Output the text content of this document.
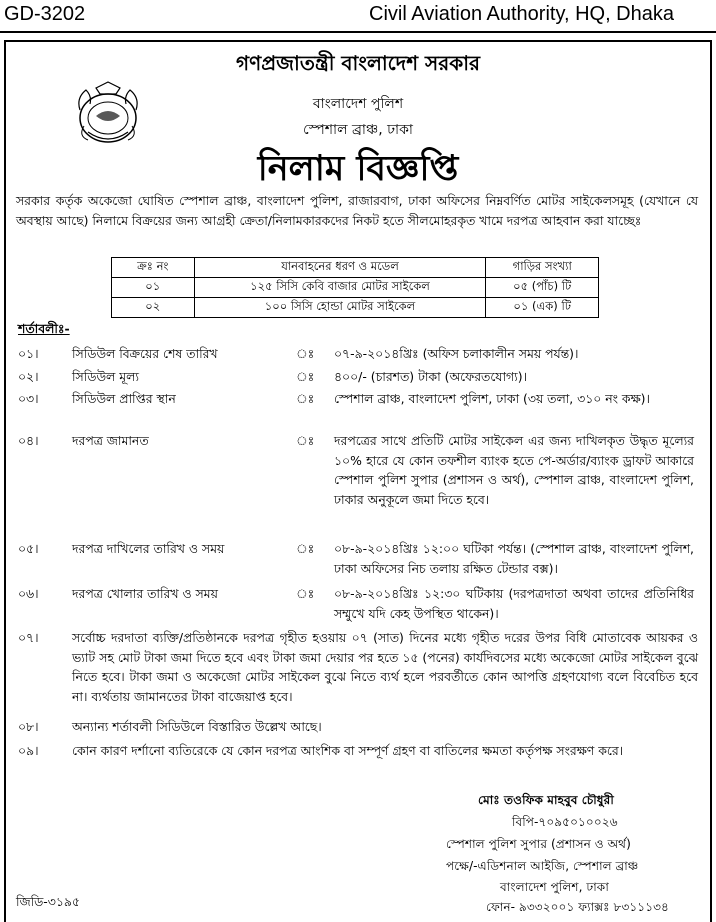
GD-3202	Civil Aviation Authority, HQ, Dhaka
গণপ্রজাতন্ত্রী বাংলাদেশ সরকার
বাংলাদেশ পুলিশ
স্পেশাল ব্রাঞ্চ, ঢাকা
নিলাম বিজ্ঞপ্তি
সরকার কর্তৃক অকেজো ঘোষিত স্পেশাল ব্রাঞ্চ, বাংলাদেশ পুলিশ, রাজারবাগ, ঢাকা অফিসের নিম্নবর্ণিত মোটর সাইকেলসমূহ (যেখানে যে অবস্থায় আছে) নিলামে বিক্রয়ের জন্য আগ্রহী ক্রেতা/নিলামকারকদের নিকট হতে সীলমোহরকৃত খামে দরপত্র আহবান করা যাচ্ছেঃ
ক্রঃ নং	যানবাহনের ধরণ ও মডেল	গাড়ির সংখ্যা
০১	১২৫ সিসি কেবি বাজার মোটর সাইকেল	০৫ (পাঁচ) টি
০২	১০০ সিসি হোন্ডা মোটর সাইকেল	০১ (এক) টি
শর্তাবলীঃ-
০১।	সিডিউল বিক্রয়ের শেষ তারিখ	ঃ ০৭-৯-২০১৪খ্রিঃ (অফিস চলাকালীন সময় পর্যন্ত)।
০২।	সিডিউল মূল্য	ঃ ৪০০/- (চারশত) টাকা (অফেরতযোগ্য)।
০৩।	সিডিউল প্রাপ্তির স্থান	ঃ স্পেশাল ব্রাঞ্চ, বাংলাদেশ পুলিশ, ঢাকা (৩য় তলা, ৩১০ নং কক্ষ)।
০৪।	দরপত্র জামানত	ঃ দরপত্রের সাথে প্রতিটি মোটর সাইকেল এর জন্য দাখিলকৃত উদ্ধৃত মূল্যের ১০% হারে যে কোন তফশীল ব্যাংক হতে পে-অর্ডার/ব্যাংক ড্রাফট আকারে স্পেশাল পুলিশ সুপার (প্রশাসন ও অর্থ), স্পেশাল ব্রাঞ্চ, বাংলাদেশ পুলিশ, ঢাকার অনুকূলে জমা দিতে হবে।
০৫।	দরপত্র দাখিলের তারিখ ও সময়	ঃ ০৮-৯-২০১৪খ্রিঃ ১২:০০ ঘটিকা পর্যন্ত। (স্পেশাল ব্রাঞ্চ, বাংলাদেশ পুলিশ, ঢাকা অফিসের নিচ তলায় রক্ষিত টেন্ডার বক্স)।
০৬।	দরপত্র খোলার তারিখ ও সময়	ঃ ০৮-৯-২০১৪খ্রিঃ ১২:৩০ ঘটিকায় (দরপত্রদাতা অথবা তাদের প্রতিনিধির সম্মুখে যদি কেহ উপস্থিত থাকেন)।
০৭।	সর্বোচ্চ দরদাতা ব্যক্তি/প্রতিষ্ঠানকে দরপত্র গৃহীত হওয়ায় ০৭ (সাত) দিনের মধ্যে গৃহীত দরের উপর বিধি মোতাবেক আয়কর ও ভ্যাট সহ মোট টাকা জমা দিতে হবে এবং টাকা জমা দেয়ার পর হতে ১৫ (পনের) কার্যদিবসের মধ্যে অকেজো মোটর সাইকেল বুঝে নিতে হবে। টাকা জমা ও অকেজো মোটর সাইকেল বুঝে নিতে ব্যর্থ হলে পরবর্তীতে কোন আপত্তি গ্রহণযোগ্য বলে বিবেচিত হবে না। ব্যর্থতায় জামানতের টাকা বাজেয়াপ্ত হবে।
০৮।	অন্যান্য শর্তাবলী সিডিউলে বিস্তারিত উল্লেখ আছে।
০৯।	কোন কারণ দর্শানো ব্যতিরেকে যে কোন দরপত্র আংশিক বা সম্পূর্ণ গ্রহণ বা বাতিলের ক্ষমতা কর্তৃপক্ষ সংরক্ষণ করে।
মোঃ তওফিক মাহবুব চৌধুরী
বিপি-৭০৯৫০১০০২৬
স্পেশাল পুলিশ সুপার (প্রশাসন ও অর্থ)
পক্ষে/-এডিশনাল আইজি, স্পেশাল ব্রাঞ্চ
বাংলাদেশ পুলিশ, ঢাকা
ফোন- ৯৩৩২০০১ ফ্যাক্সঃ ৮৩১১১৩৪
জিডি-৩১৯৫
